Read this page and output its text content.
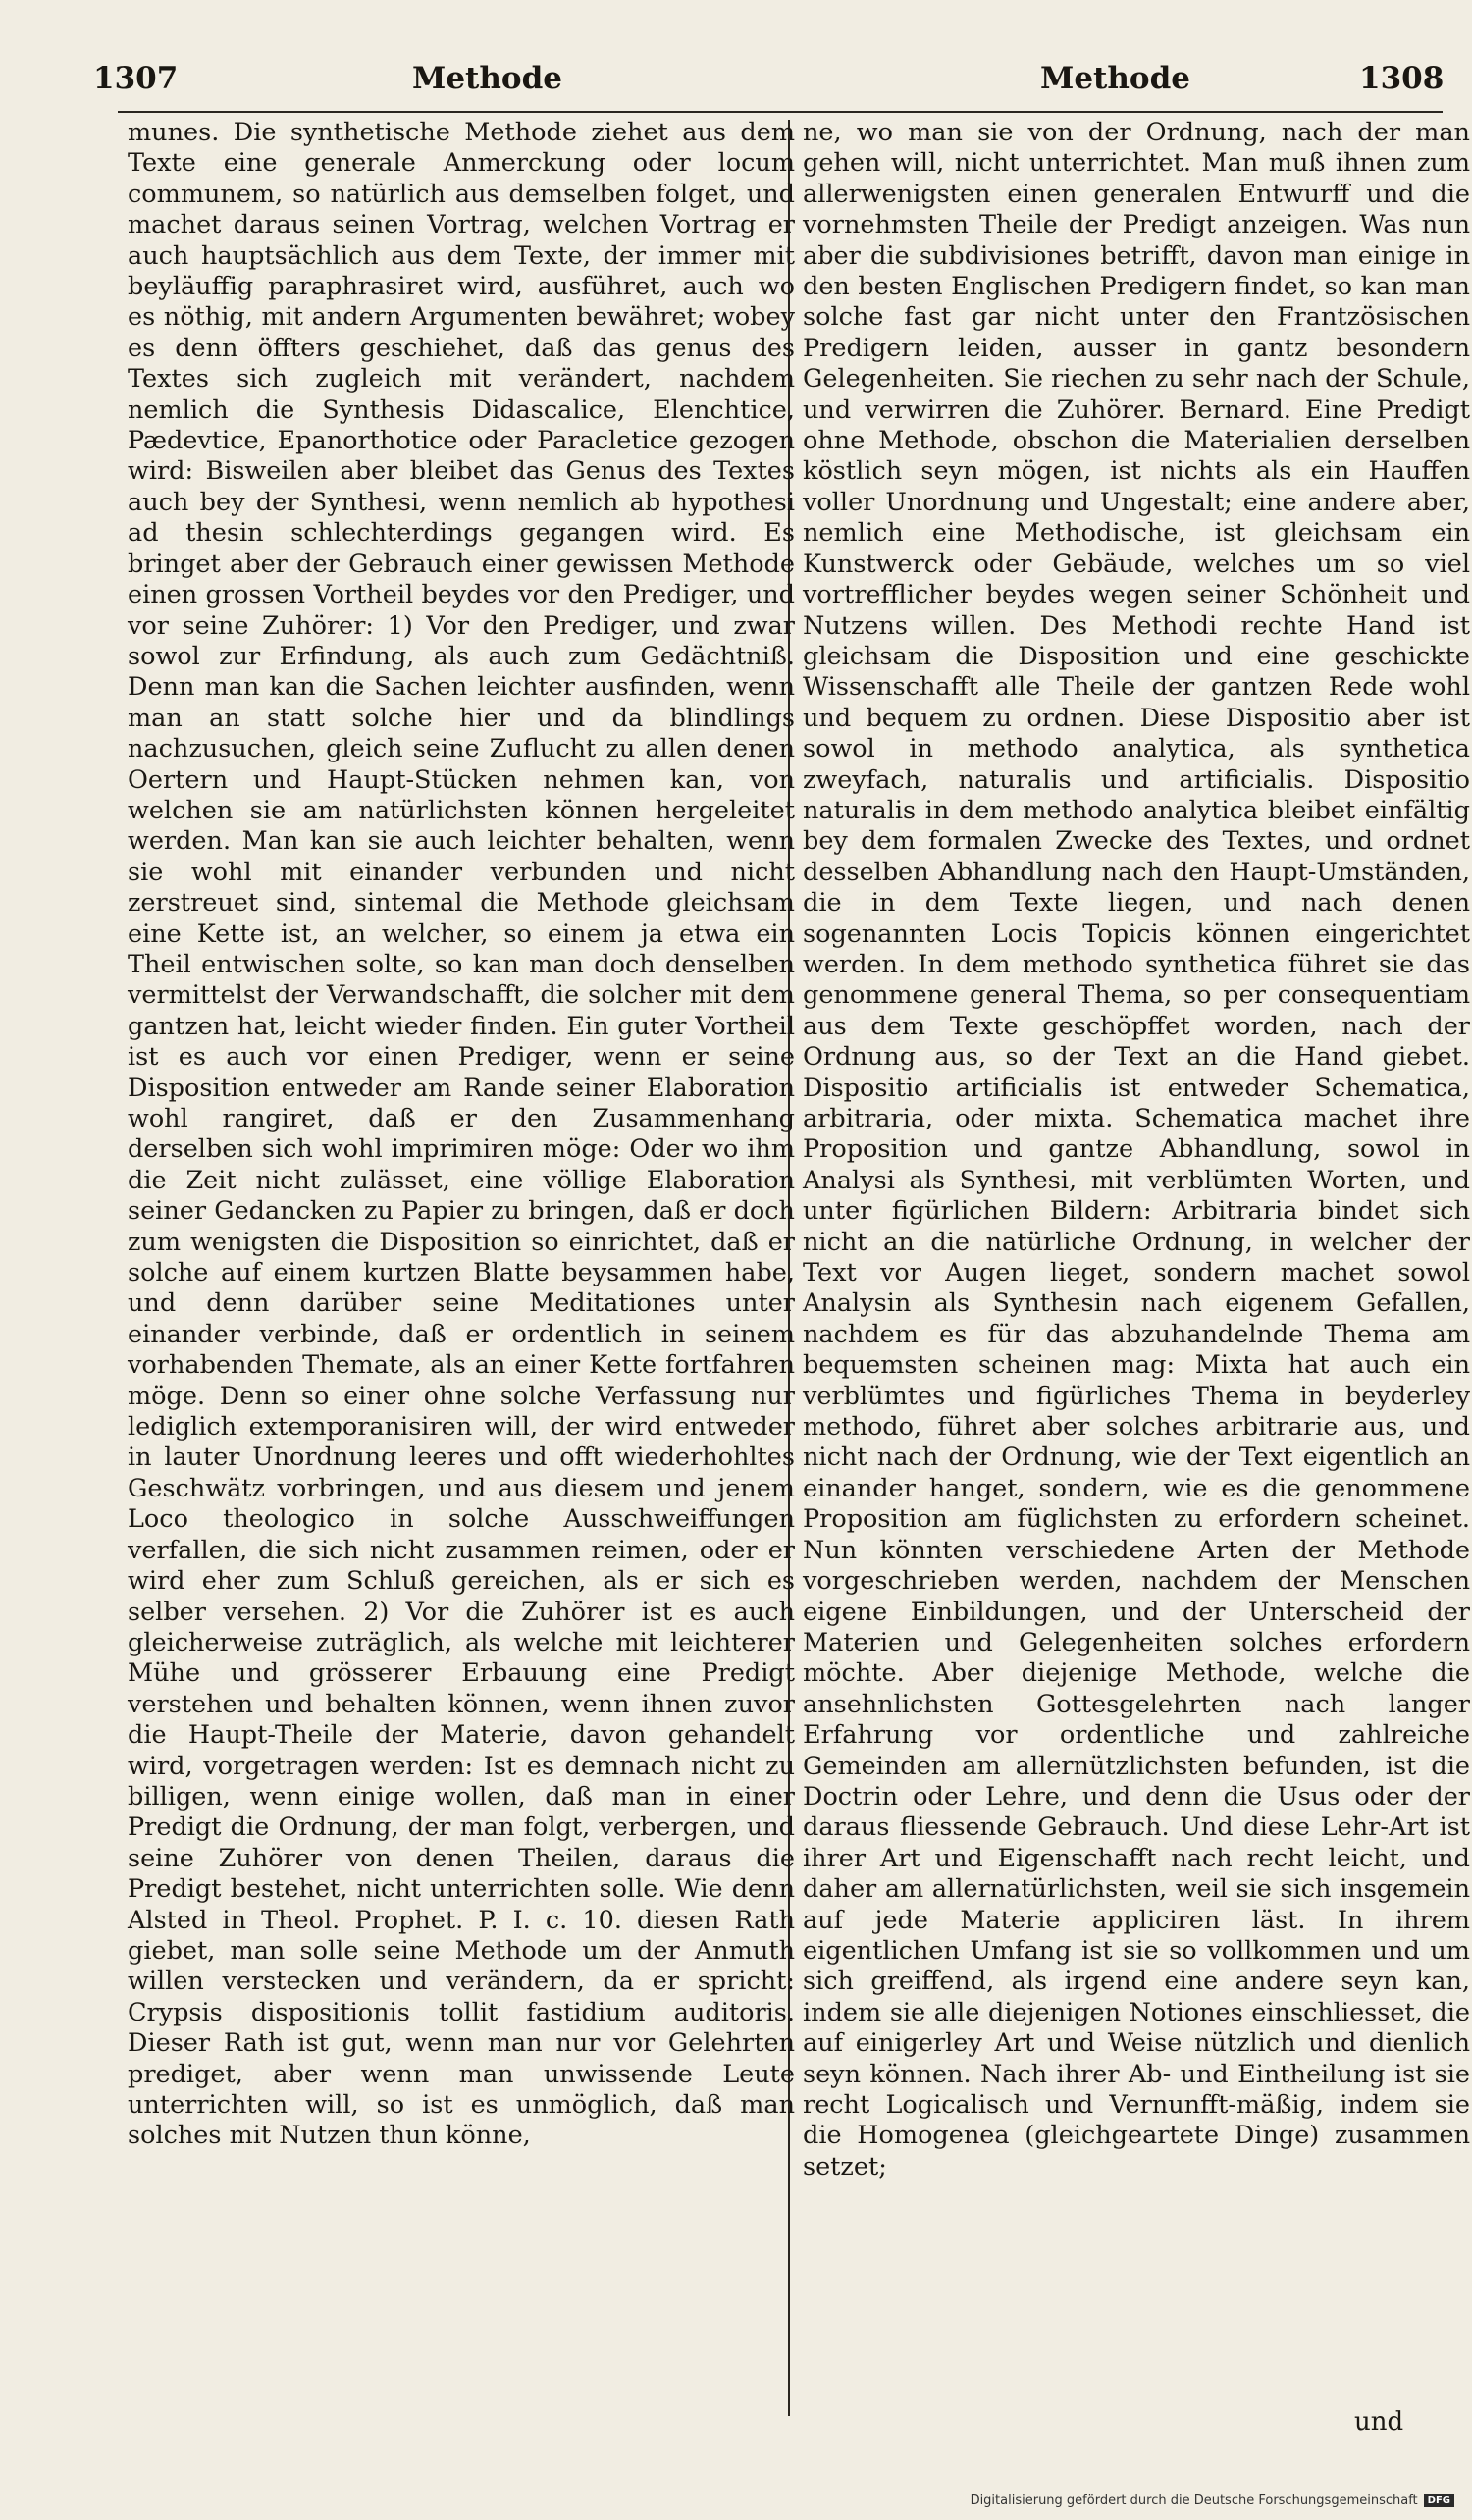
1307	Methode	Methode	1308

munes. Die synthetische Methode ziehet aus dem Texte eine generale Anmerckung oder locum communem, so natürlich aus demselben folget, und machet daraus seinen Vortrag, welchen Vortrag er auch hauptsächlich aus dem Texte, der immer mit beyläuffig paraphrasiret wird, ausführet, auch wo es nöthig, mit andern Argumenten bewähret; wobey es denn öffters geschiehet, daß das genus des Textes sich zugleich mit verändert, nachdem nemlich die Synthesis Didascalice, Elenchtice, Pædevtice, Epanorthotice oder Paracletice gezogen wird: Bisweilen aber bleibet das Genus des Textes auch bey der Synthesi, wenn nemlich ab hypothesi ad thesin schlechterdings gegangen wird. Es bringet aber der Gebrauch einer gewissen Methode einen grossen Vortheil beydes vor den Prediger, und vor seine Zuhörer: 1) Vor den Prediger, und zwar sowol zur Erfindung, als auch zum Gedächtniß. Denn man kan die Sachen leichter ausfinden, wenn man an statt solche hier und da blindlings nachzusuchen, gleich seine Zuflucht zu allen denen Oertern und Haupt-Stücken nehmen kan, von welchen sie am natürlichsten können hergeleitet werden. Man kan sie auch leichter behalten, wenn sie wohl mit einander verbunden und nicht zerstreuet sind, sintemal die Methode gleichsam eine Kette ist, an welcher, so einem ja etwa ein Theil entwischen solte, so kan man doch denselben vermittelst der Verwandschafft, die solcher mit dem gantzen hat, leicht wieder finden. Ein guter Vortheil ist es auch vor einen Prediger, wenn er seine Disposition entweder am Rande seiner Elaboration wohl rangiret, daß er den Zusammenhang derselben sich wohl imprimiren möge: Oder wo ihm die Zeit nicht zulässet, eine völlige Elaboration seiner Gedancken zu Papier zu bringen, daß er doch zum wenigsten die Disposition so einrichtet, daß er solche auf einem kurtzen Blatte beysammen habe, und denn darüber seine Meditationes unter einander verbinde, daß er ordentlich in seinem vorhabenden Themate, als an einer Kette fortfahren möge. Denn so einer ohne solche Verfassung nur lediglich extemporanisiren will, der wird entweder in lauter Unordnung leeres und offt wiederhohltes Geschwätz vorbringen, und aus diesem und jenem Loco theologico in solche Ausschweiffungen verfallen, die sich nicht zusammen reimen, oder er wird eher zum Schluß gereichen, als er sich es selber versehen. 2) Vor die Zuhörer ist es auch gleicherweise zuträglich, als welche mit leichterer Mühe und grösserer Erbauung eine Predigt verstehen und behalten können, wenn ihnen zuvor die Haupt-Theile der Materie, davon gehandelt wird, vorgetragen werden: Ist es demnach nicht zu billigen, wenn einige wollen, daß man in einer Predigt die Ordnung, der man folgt, verbergen, und seine Zuhörer von denen Theilen, daraus die Predigt bestehet, nicht unterrichten solle. Wie denn Alsted in Theol. Prophet. P. I. c. 10. diesen Rath giebet, man solle seine Methode um der Anmuth willen verstecken und verändern, da er spricht: Crypsis dispositionis tollit fastidium auditoris. Dieser Rath ist gut, wenn man nur vor Gelehrten prediget, aber wenn man unwissende Leute unterrichten will, so ist es unmöglich, daß man solches mit Nutzen thun könne,

ne, wo man sie von der Ordnung, nach der man gehen will, nicht unterrichtet. Man muß ihnen zum allerwenigsten einen generalen Entwurff und die vornehmsten Theile der Predigt anzeigen. Was nun aber die subdivisiones betrifft, davon man einige in den besten Englischen Predigern findet, so kan man solche fast gar nicht unter den Frantzösischen Predigern leiden, ausser in gantz besondern Gelegenheiten. Sie riechen zu sehr nach der Schule, und verwirren die Zuhörer. Bernard. Eine Predigt ohne Methode, obschon die Materialien derselben köstlich seyn mögen, ist nichts als ein Hauffen voller Unordnung und Ungestalt; eine andere aber, nemlich eine Methodische, ist gleichsam ein Kunstwerck oder Gebäude, welches um so viel vortrefflicher beydes wegen seiner Schönheit und Nutzens willen. Des Methodi rechte Hand ist gleichsam die Disposition und eine geschickte Wissenschafft alle Theile der gantzen Rede wohl und bequem zu ordnen. Diese Dispositio aber ist sowol in methodo analytica, als synthetica zweyfach, naturalis und artificialis. Dispositio naturalis in dem methodo analytica bleibet einfältig bey dem formalen Zwecke des Textes, und ordnet desselben Abhandlung nach den Haupt-Umständen, die in dem Texte liegen, und nach denen sogenannten Locis Topicis können eingerichtet werden. In dem methodo synthetica führet sie das genommene general Thema, so per consequentiam aus dem Texte geschöpffet worden, nach der Ordnung aus, so der Text an die Hand giebet. Dispositio artificialis ist entweder Schematica, arbitraria, oder mixta. Schematica machet ihre Proposition und gantze Abhandlung, sowol in Analysi als Synthesi, mit verblümten Worten, und unter figürlichen Bildern: Arbitraria bindet sich nicht an die natürliche Ordnung, in welcher der Text vor Augen lieget, sondern machet sowol Analysin als Synthesin nach eigenem Gefallen, nachdem es für das abzuhandelnde Thema am bequemsten scheinen mag: Mixta hat auch ein verblümtes und figürliches Thema in beyderley methodo, führet aber solches arbitrarie aus, und nicht nach der Ordnung, wie der Text eigentlich an einander hanget, sondern, wie es die genommene Proposition am füglichsten zu erfordern scheinet. Nun könnten verschiedene Arten der Methode vorgeschrieben werden, nachdem der Menschen eigene Einbildungen, und der Unterscheid der Materien und Gelegenheiten solches erfordern möchte. Aber diejenige Methode, welche die ansehnlichsten Gottesgelehrten nach langer Erfahrung vor ordentliche und zahlreiche Gemeinden am allernützlichsten befunden, ist die Doctrin oder Lehre, und denn die Usus oder der daraus fliessende Gebrauch. Und diese Lehr-Art ist ihrer Art und Eigenschafft nach recht leicht, und daher am allernatürlichsten, weil sie sich insgemein auf jede Materie appliciren läst. In ihrem eigentlichen Umfang ist sie so vollkommen und um sich greiffend, als irgend eine andere seyn kan, indem sie alle diejenigen Notiones einschliesset, die auf einigerley Art und Weise nützlich und dienlich seyn können. Nach ihrer Ab- und Eintheilung ist sie recht Logicalisch und Vernunfft-mäßig, indem sie die Homogenea (gleichgeartete Dinge) zusammen setzet;

und
Digitalisierung gefördert durch die Deutsche Forschungsgemeinschaft	DFG
